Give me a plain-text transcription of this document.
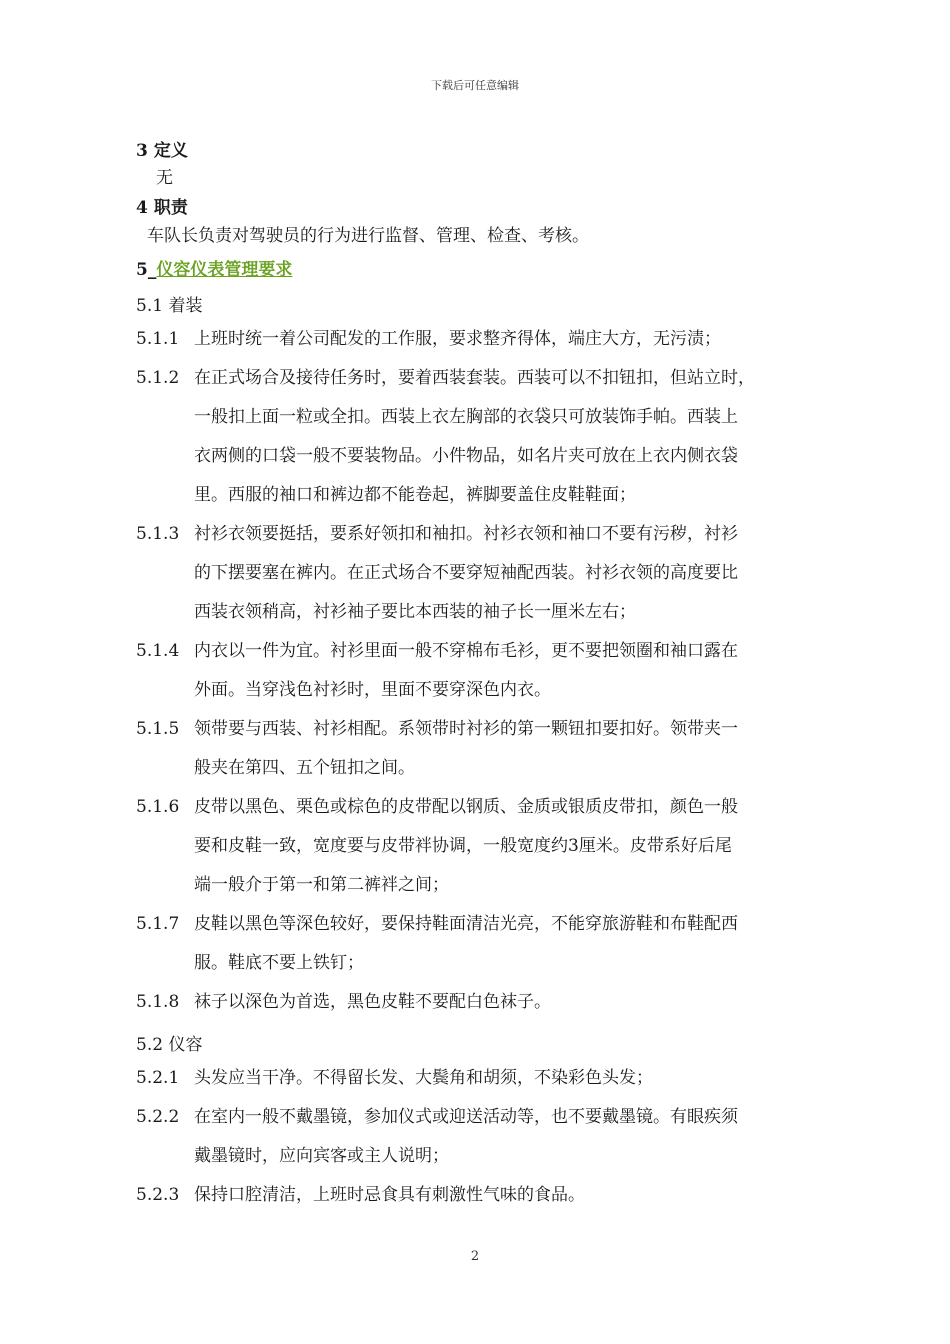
下载后可任意编辑
3 定义
无
4 职责
车队长负责对驾驶员的行为进行监督、管理、检查、考核。
5_仪容仪表管理要求
5.1 着装
5.1.1 上班时统一着公司配发的工作服，要求整齐得体，端庄大方，无污渍；
5.1.2 在正式场合及接待任务时，要着西装套装。西装可以不扣钮扣，但站立时，
一般扣上面一粒或全扣。西装上衣左胸部的衣袋只可放装饰手帕。西装上
衣两侧的口袋一般不要装物品。小件物品，如名片夹可放在上衣内侧衣袋
里。西服的袖口和裤边都不能卷起，裤脚要盖住皮鞋鞋面；
5.1.3 衬衫衣领要挺括，要系好领扣和袖扣。衬衫衣领和袖口不要有污秽，衬衫
的下摆要塞在裤内。在正式场合不要穿短袖配西装。衬衫衣领的高度要比
西装衣领稍高，衬衫袖子要比本西装的袖子长一厘米左右；
5.1.4 内衣以一件为宜。衬衫里面一般不穿棉布毛衫，更不要把领圈和袖口露在
外面。当穿浅色衬衫时，里面不要穿深色内衣。
5.1.5 领带要与西装、衬衫相配。系领带时衬衫的第一颗钮扣要扣好。领带夹一
般夹在第四、五个钮扣之间。
5.1.6 皮带以黑色、栗色或棕色的皮带配以钢质、金质或银质皮带扣，颜色一般
要和皮鞋一致，宽度要与皮带袢协调，一般宽度约3厘米。皮带系好后尾
端一般介于第一和第二裤袢之间；
5.1.7 皮鞋以黑色等深色较好，要保持鞋面清洁光亮，不能穿旅游鞋和布鞋配西
服。鞋底不要上铁钉；
5.1.8 袜子以深色为首选，黑色皮鞋不要配白色袜子。
5.2 仪容
5.2.1 头发应当干净。不得留长发、大鬓角和胡须，不染彩色头发；
5.2.2 在室内一般不戴墨镜，参加仪式或迎送活动等，也不要戴墨镜。有眼疾须
戴墨镜时，应向宾客或主人说明；
5.2.3 保持口腔清洁，上班时忌食具有刺激性气味的食品。
2
